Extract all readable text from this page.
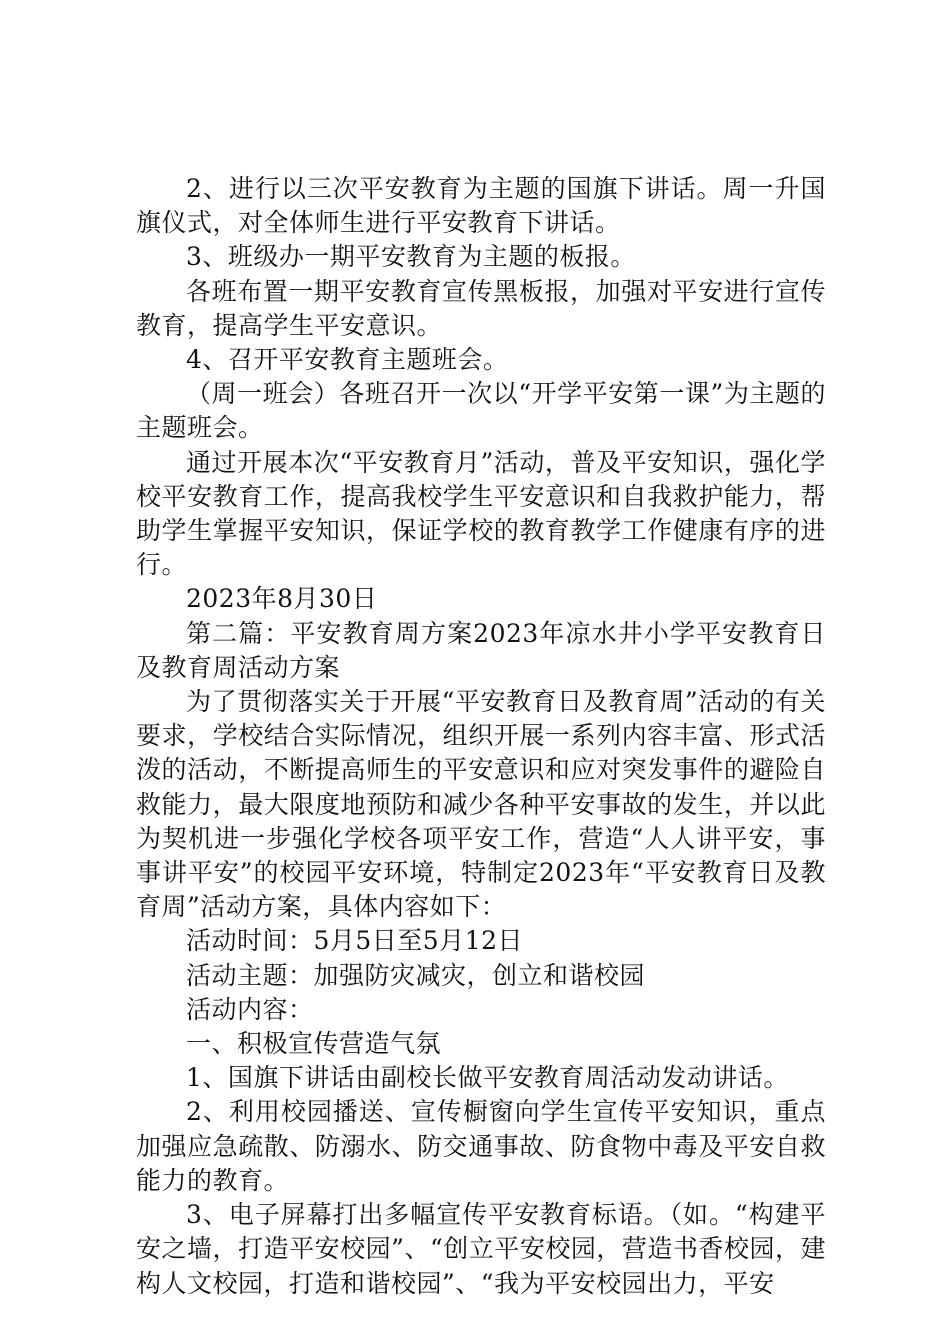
2、进行以三次平安教育为主题的国旗下讲话。周一升国旗仪式，对全体师生进行平安教育下讲话。

3、班级办一期平安教育为主题的板报。

各班布置一期平安教育宣传黑板报，加强对平安进行宣传教育，提高学生平安意识。

4、召开平安教育主题班会。

（周一班会）各班召开一次以“开学平安第一课”为主题的主题班会。

通过开展本次“平安教育月”活动，普及平安知识，强化学校平安教育工作，提高我校学生平安意识和自我救护能力，帮助学生掌握平安知识，保证学校的教育教学工作健康有序的进行。

2023年8月30日

第二篇：平安教育周方案2023年凉水井小学平安教育日及教育周活动方案

为了贯彻落实关于开展“平安教育日及教育周”活动的有关要求，学校结合实际情况，组织开展一系列内容丰富、形式活泼的活动，不断提高师生的平安意识和应对突发事件的避险自救能力，最大限度地预防和减少各种平安事故的发生，并以此为契机进一步强化学校各项平安工作，营造“人人讲平安，事事讲平安”的校园平安环境，特制定2023年“平安教育日及教育周”活动方案，具体内容如下：

活动时间：5月5日至5月12日

活动主题：加强防灾减灾，创立和谐校园

活动内容：

一、积极宣传营造气氛

1、国旗下讲话由副校长做平安教育周活动发动讲话。

2、利用校园播送、宣传橱窗向学生宣传平安知识，重点加强应急疏散、防溺水、防交通事故、防食物中毒及平安自救能力的教育。

3、电子屏幕打出多幅宣传平安教育标语。（如。“构建平安之墙，打造平安校园”、“创立平安校园，营造书香校园，建构人文校园，打造和谐校园”、“我为平安校园出力，平安
